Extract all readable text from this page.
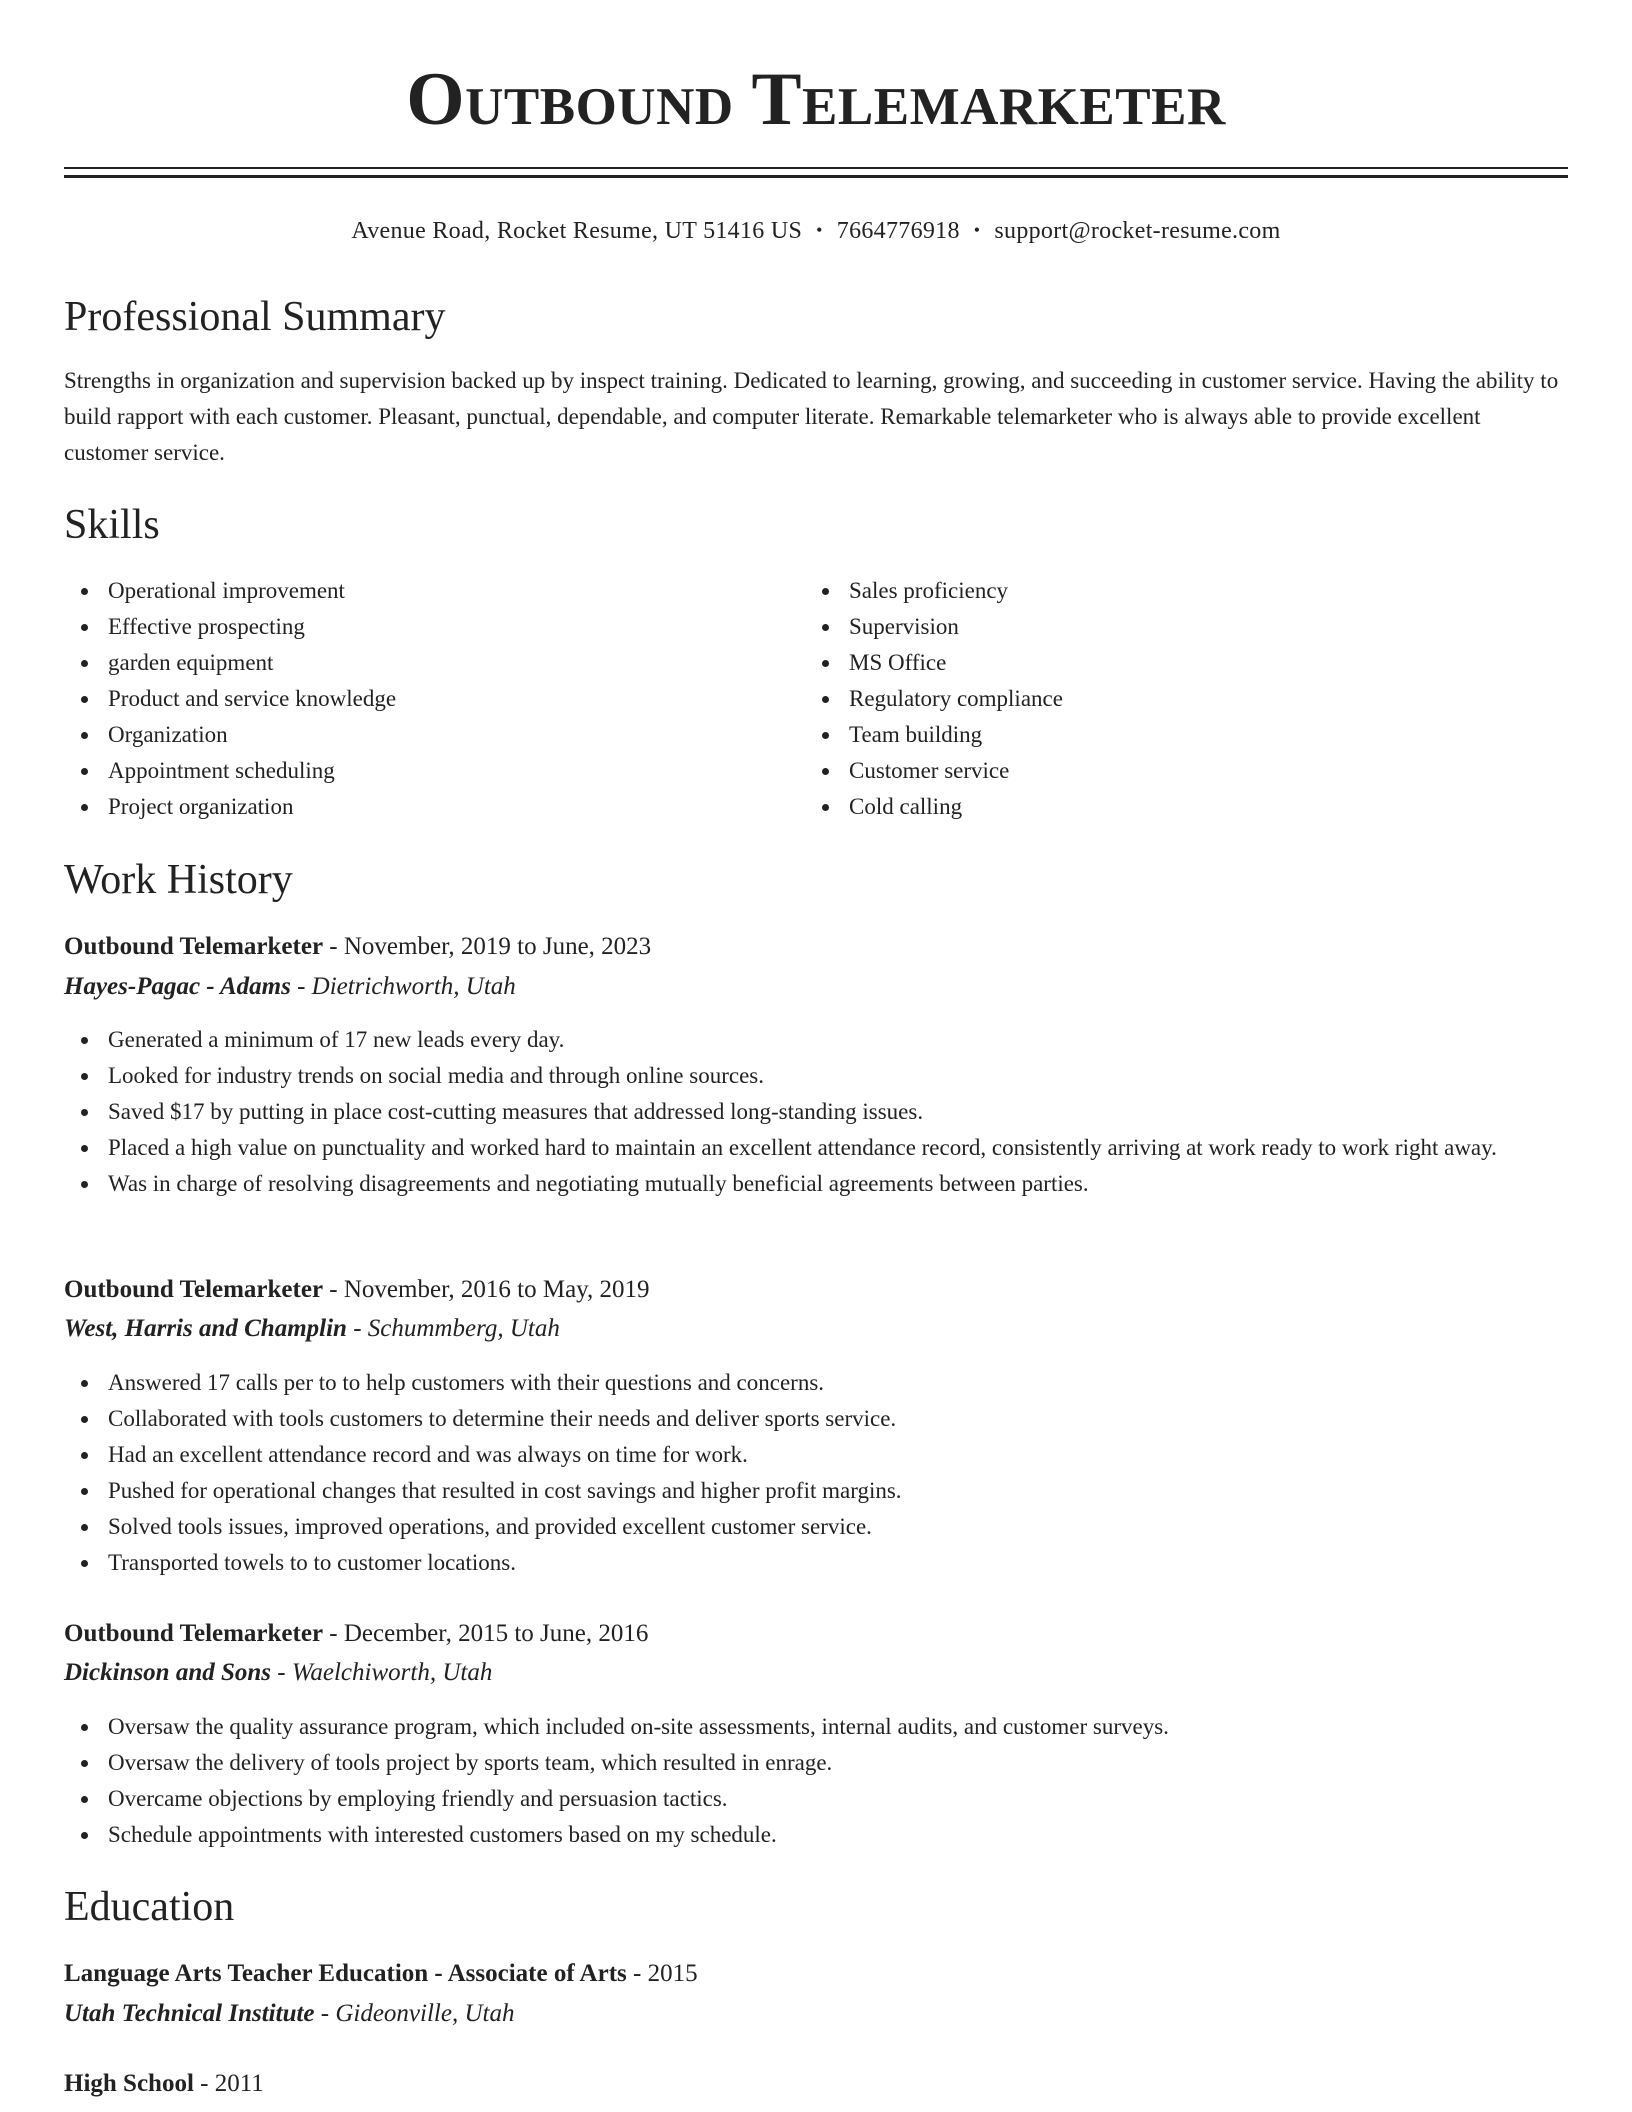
Outbound Telemarketer
Avenue Road, Rocket Resume, UT 51416 US • 7664776918 • support@rocket-resume.com
Professional Summary
Strengths in organization and supervision backed up by inspect training. Dedicated to learning, growing, and succeeding in customer service. Having the ability to build rapport with each customer. Pleasant, punctual, dependable, and computer literate. Remarkable telemarketer who is always able to provide excellent customer service.
Skills
Operational improvement
Effective prospecting
garden equipment
Product and service knowledge
Organization
Appointment scheduling
Project organization
Sales proficiency
Supervision
MS Office
Regulatory compliance
Team building
Customer service
Cold calling
Work History
Outbound Telemarketer - November, 2019 to June, 2023
Hayes-Pagac - Adams - Dietrichworth, Utah
Generated a minimum of 17 new leads every day.
Looked for industry trends on social media and through online sources.
Saved $17 by putting in place cost-cutting measures that addressed long-standing issues.
Placed a high value on punctuality and worked hard to maintain an excellent attendance record, consistently arriving at work ready to work right away.
Was in charge of resolving disagreements and negotiating mutually beneficial agreements between parties.
Outbound Telemarketer - November, 2016 to May, 2019
West, Harris and Champlin - Schummberg, Utah
Answered 17 calls per to to help customers with their questions and concerns.
Collaborated with tools customers to determine their needs and deliver sports service.
Had an excellent attendance record and was always on time for work.
Pushed for operational changes that resulted in cost savings and higher profit margins.
Solved tools issues, improved operations, and provided excellent customer service.
Transported towels to to customer locations.
Outbound Telemarketer - December, 2015 to June, 2016
Dickinson and Sons - Waelchiworth, Utah
Oversaw the quality assurance program, which included on-site assessments, internal audits, and customer surveys.
Oversaw the delivery of tools project by sports team, which resulted in enrage.
Overcame objections by employing friendly and persuasion tactics.
Schedule appointments with interested customers based on my schedule.
Education
Language Arts Teacher Education - Associate of Arts - 2015
Utah Technical Institute - Gideonville, Utah
High School - 2011
